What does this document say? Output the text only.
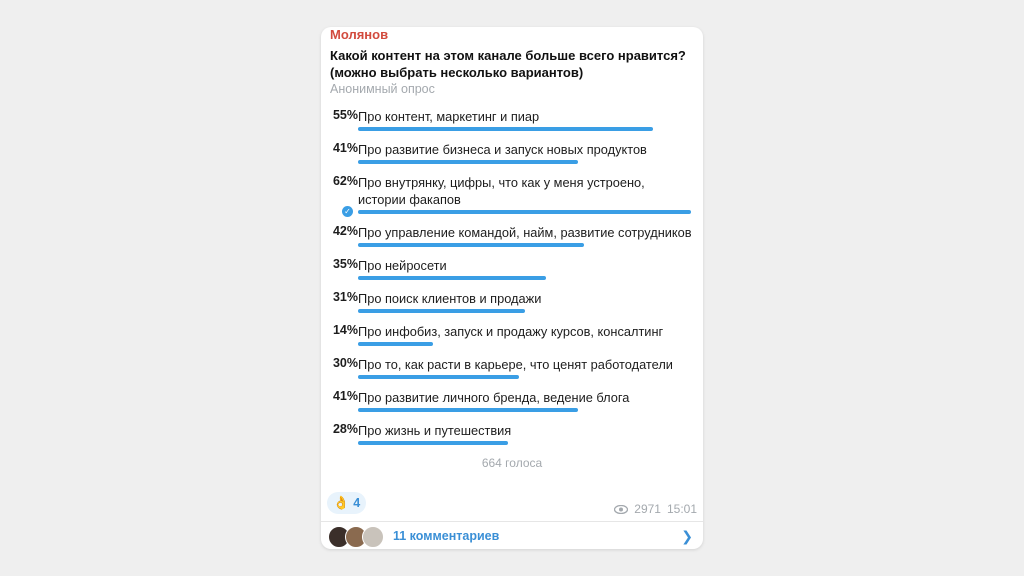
Молянов
Какой контент на этом канале больше всего нравится? (можно выбрать несколько вариантов)
Анонимный опрос
55% Про контент, маркетинг и пиар
41% Про развитие бизнеса и запуск новых продуктов
62% Про внутрянку, цифры, что как у меня устроено, истории факапов
✓
42% Про управление командой, найм, развитие сотрудников
35% Про нейросети
31% Про поиск клиентов и продажи
14% Про инфобиз, запуск и продажу курсов, консалтинг
30% Про то, как расти в карьере, что ценят работодатели
41% Про развитие личного бренда, ведение блога
28% Про жизнь и путешествия
664 голоса
👌 4	2971 15:01
11 комментариев	❯
